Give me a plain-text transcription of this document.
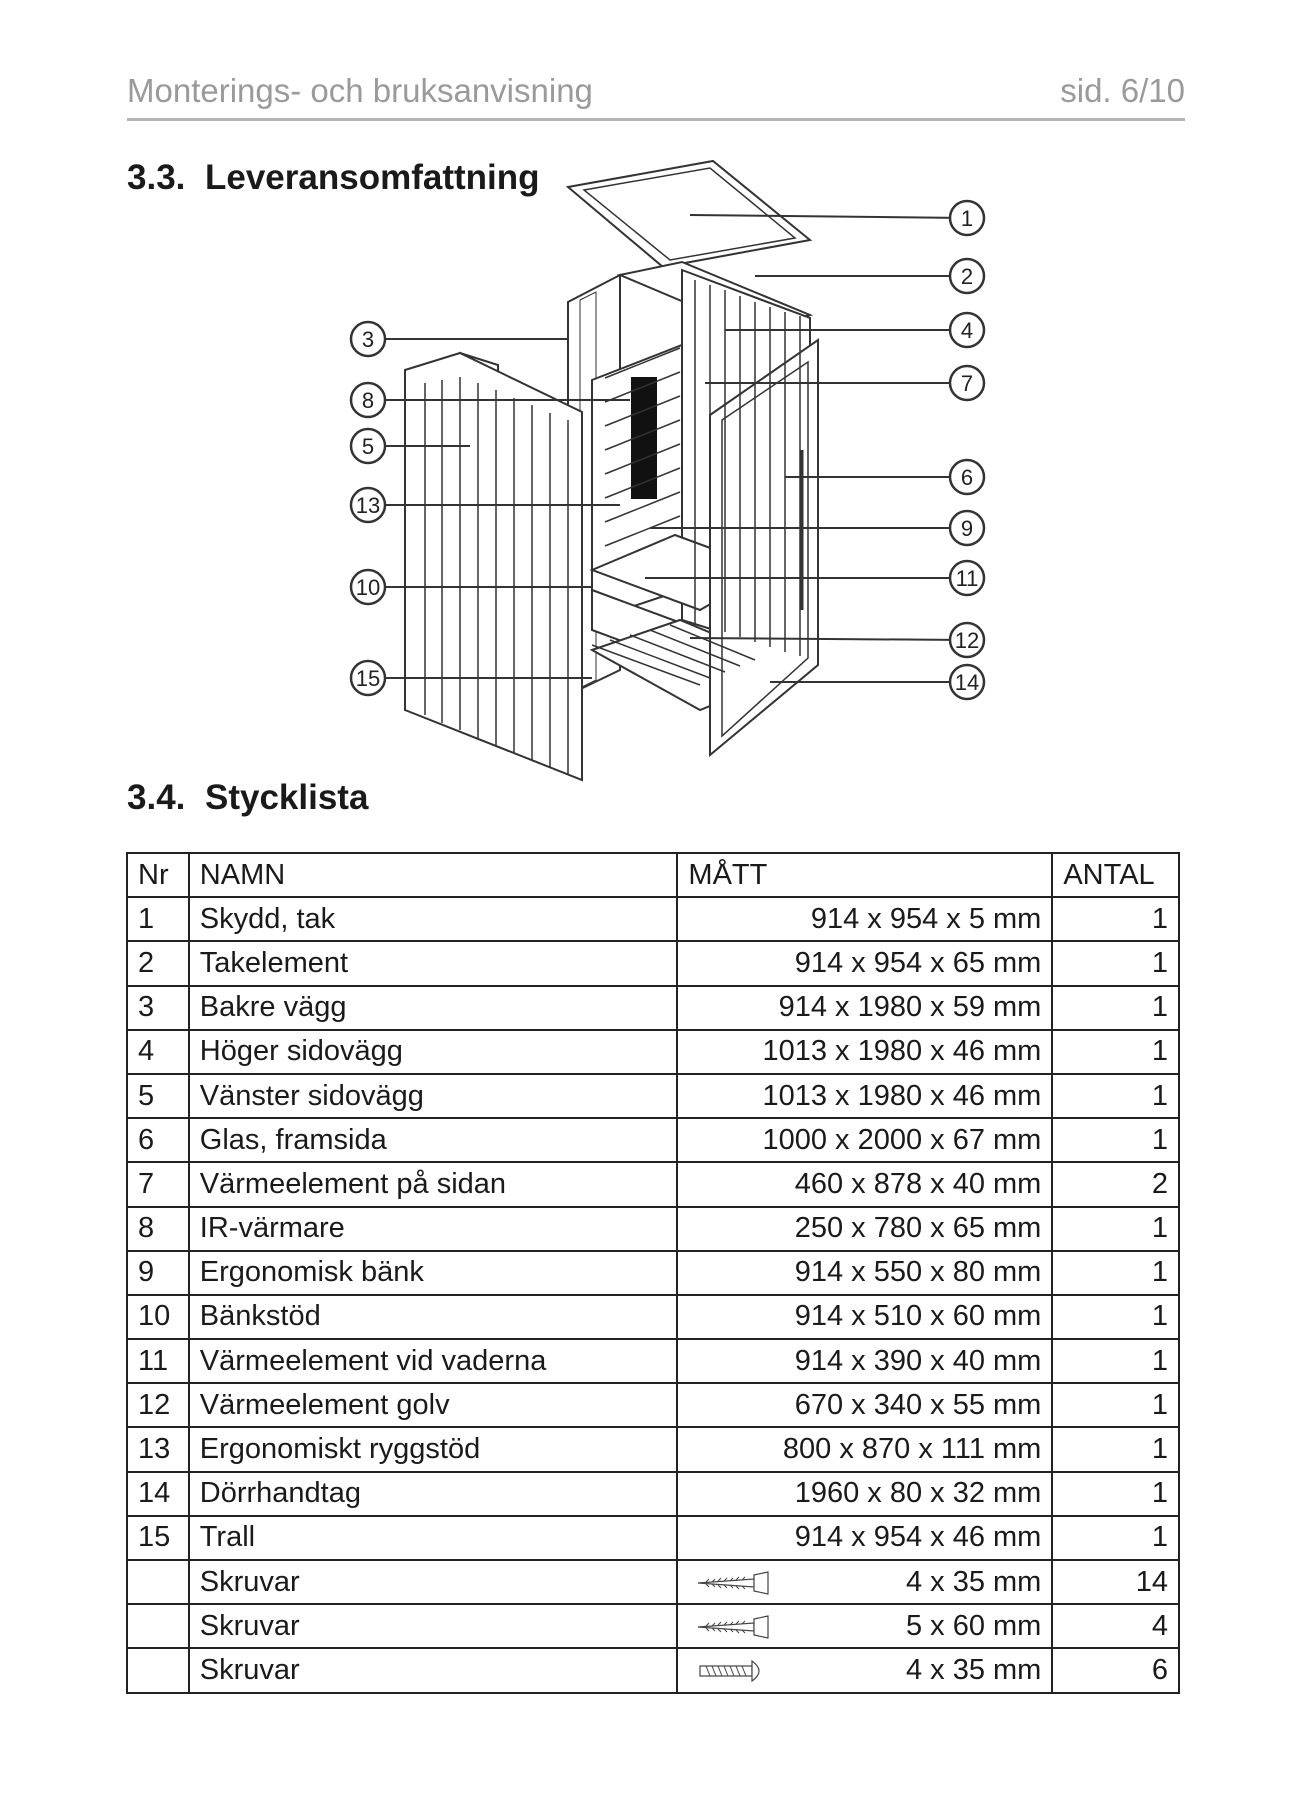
Monterings- och bruksanvisning	sid. 6/10
3.3. Leveransomfattning
1
2
3	4
5
6
7
8
9
10	11
12
13
14
15
3.4. Stycklista
Nr	NAMN	MÅTT	ANTAL
1	Skydd, tak	914 x 954 x 5 mm	1
2	Takelement	914 x 954 x 65 mm	1
3	Bakre vägg	914 x 1980 x 59 mm	1
4	Höger sidovägg	1013 x 1980 x 46 mm	1
5	Vänster sidovägg	1013 x 1980 x 46 mm	1
6	Glas, framsida	1000 x 2000 x 67 mm	1
7	Värmeelement på sidan	460 x 878 x 40 mm	2
8	IR-värmare	250 x 780 x 65 mm	1
9	Ergonomisk bänk	914 x 550 x 80 mm	1
10	Bänkstöd	914 x 510 x 60 mm	1
11	Värmeelement vid vaderna	914 x 390 x 40 mm	1
12	Värmeelement golv	670 x 340 x 55 mm	1
13	Ergonomiskt ryggstöd	800 x 870 x 111 mm	1
14	Dörrhandtag	1960 x 80 x 32 mm	1
15	Trall	914 x 954 x 46 mm	1
	Skruvar	4 x 35 mm	14
	Skruvar	5 x 60 mm	4
	Skruvar	4 x 35 mm	6
